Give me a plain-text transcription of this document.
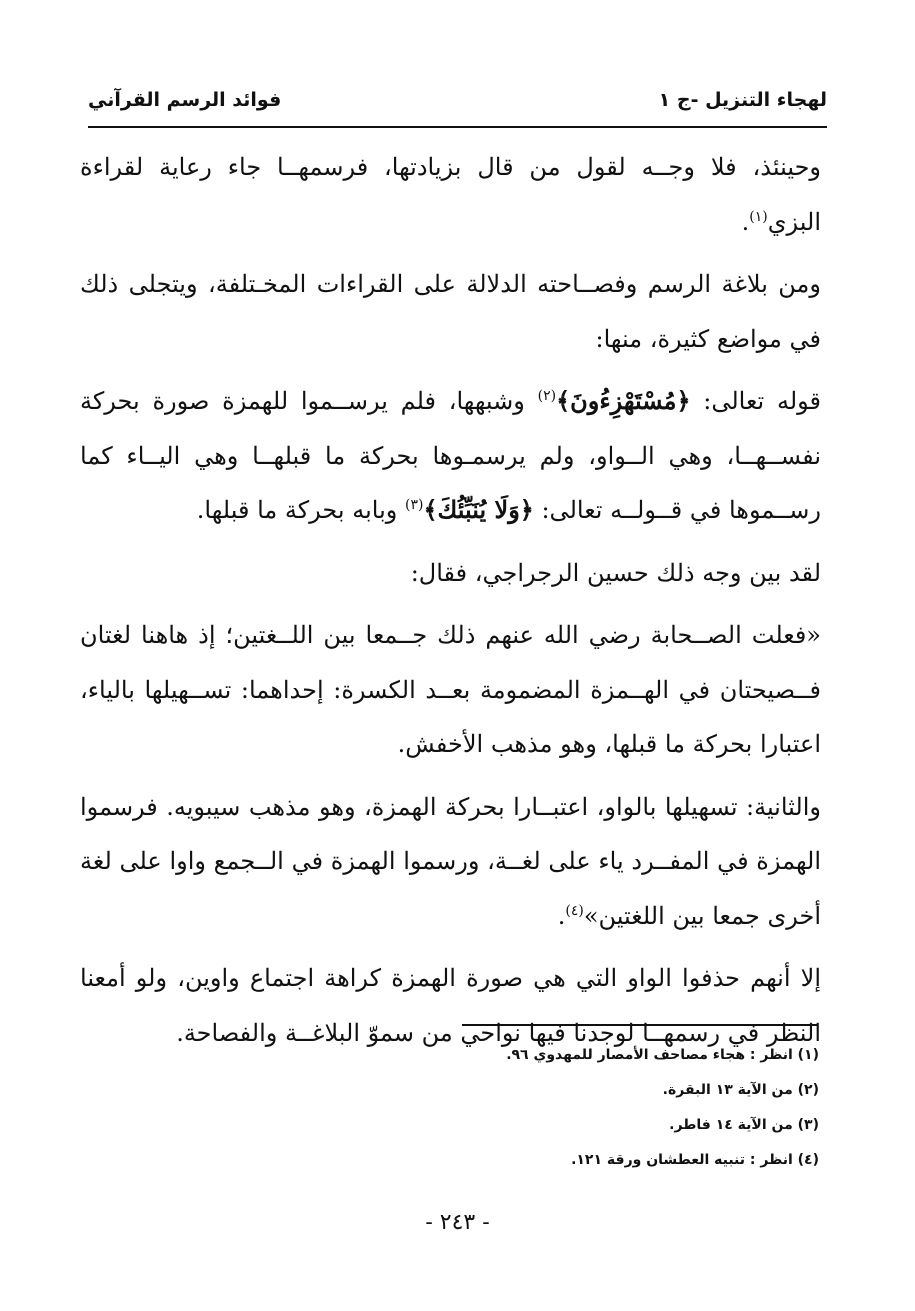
لهجاء التنزيل -ج ١
فوائد الرسم القرآني

وحينئذ، فلا وجــه لقول من قال بزيادتها، فرسمهــا جاء رعاية لقراءة البزي$^{(١)}$.

ومن بلاغة الرسم وفصــاحته الدلالة على القراءات المخـتلفة، ويتجلى ذلك في مواضع كثيرة، منها:

قوله تعالى: ﴿مُسْتَهْزِءُونَ﴾$^{(٢)}$ وشبهها، فلم يرســموا للهمزة صورة بحركة نفســهــا، وهي الــواو، ولم يرسمـوها بحركة ما قبلهــا وهي اليــاء كما رســموها في قــولــه تعالى: ﴿وَلَا يُنَبِّئُكَ﴾$^{(٣)}$ وبابه بحركة ما قبلها.

لقد بين وجه ذلك حسين الرجراجي، فقال:

«فعلت الصــحابة رضي الله عنهم ذلك جــمعا بين اللــغتين؛ إذ هاهنا لغتان فــصيحتان في الهــمزة المضمومة بعــد الكسرة: إحداهما: تســهيلها بالياء، اعتبارا بحركة ما قبلها، وهو مذهب الأخفش.

والثانية: تسهيلها بالواو، اعتبــارا بحركة الهمزة، وهو مذهب سيبويه. فرسموا الهمزة في المفــرد ياء على لغــة، ورسموا الهمزة في الــجمع واوا على لغة أخرى جمعا بين اللغتين»$^{(٤)}$.

إلا أنهم حذفوا الواو التي هي صورة الهمزة كراهة اجتماع واوين، ولو أمعنا النظر في رسمهــا لوجدنا فيها نواحي من سموّ البلاغــة والفصاحة.

(١) انظر : هجاء مصاحف الأمصار للمهدوي ٩٦.
(٢) من الآية ١٣ البقرة.
(٣) من الآية ١٤ فاطر.
(٤) انظر : تنبيه العطشان ورقة ١٢١.
- ٢٤٣ -
